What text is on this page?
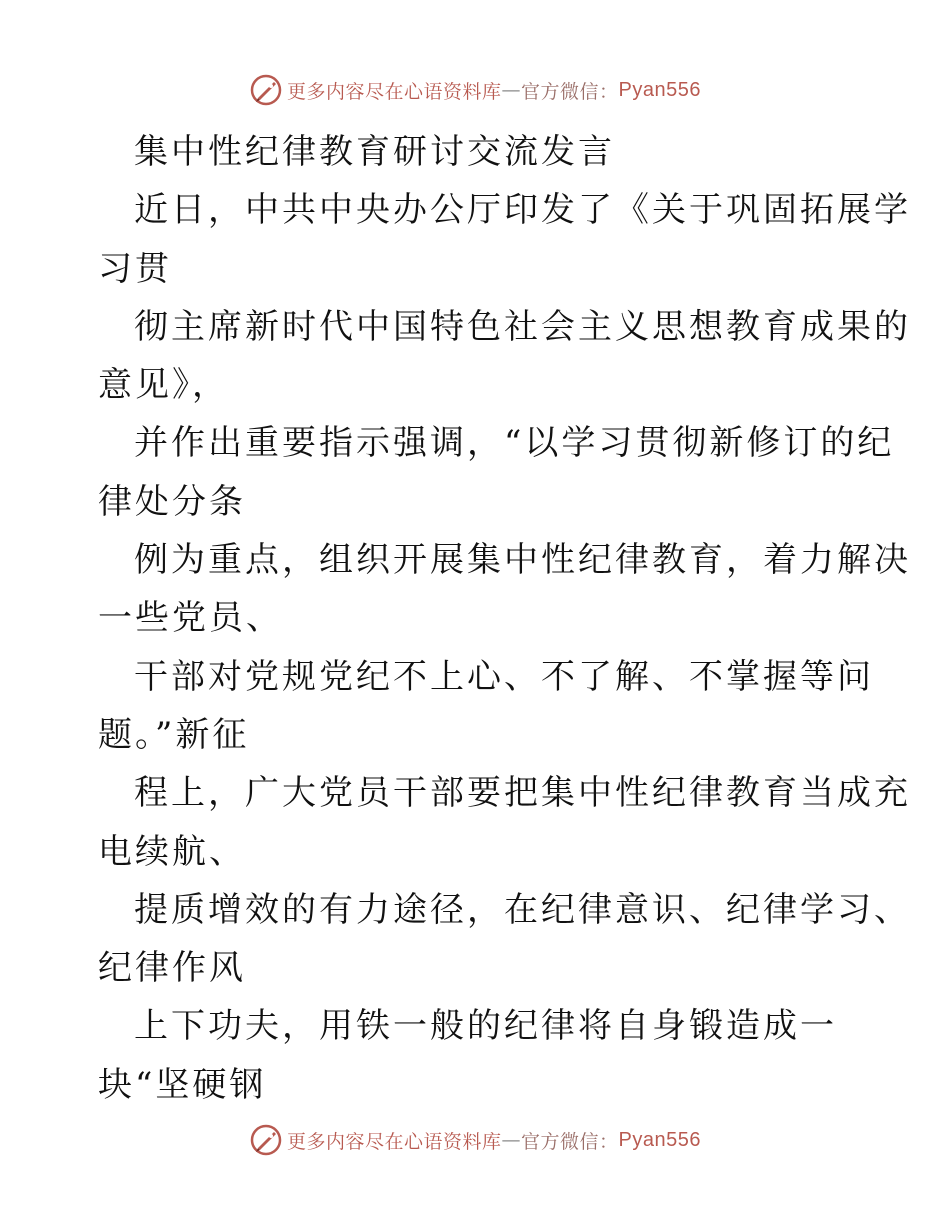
更多内容尽在心语资料库 — 官方微信： Pyan556
集中性纪律教育研讨交流发言
近日，中共中央办公厅印发了《关于巩固拓展学
习贯
彻主席新时代中国特色社会主义思想教育成果的
意见》，
并作出重要指示强调，“以学习贯彻新修订的纪
律处分条
例为重点，组织开展集中性纪律教育，着力解决
一些党员、
干部对党规党纪不上心、不了解、不掌握等问
题。”新征
程上，广大党员干部要把集中性纪律教育当成充
电续航、
提质增效的有力途径，在纪律意识、纪律学习、
纪律作风
上下功夫，用铁一般的纪律将自身锻造成一
块“坚硬钢
更多内容尽在心语资料库 — 官方微信： Pyan556
